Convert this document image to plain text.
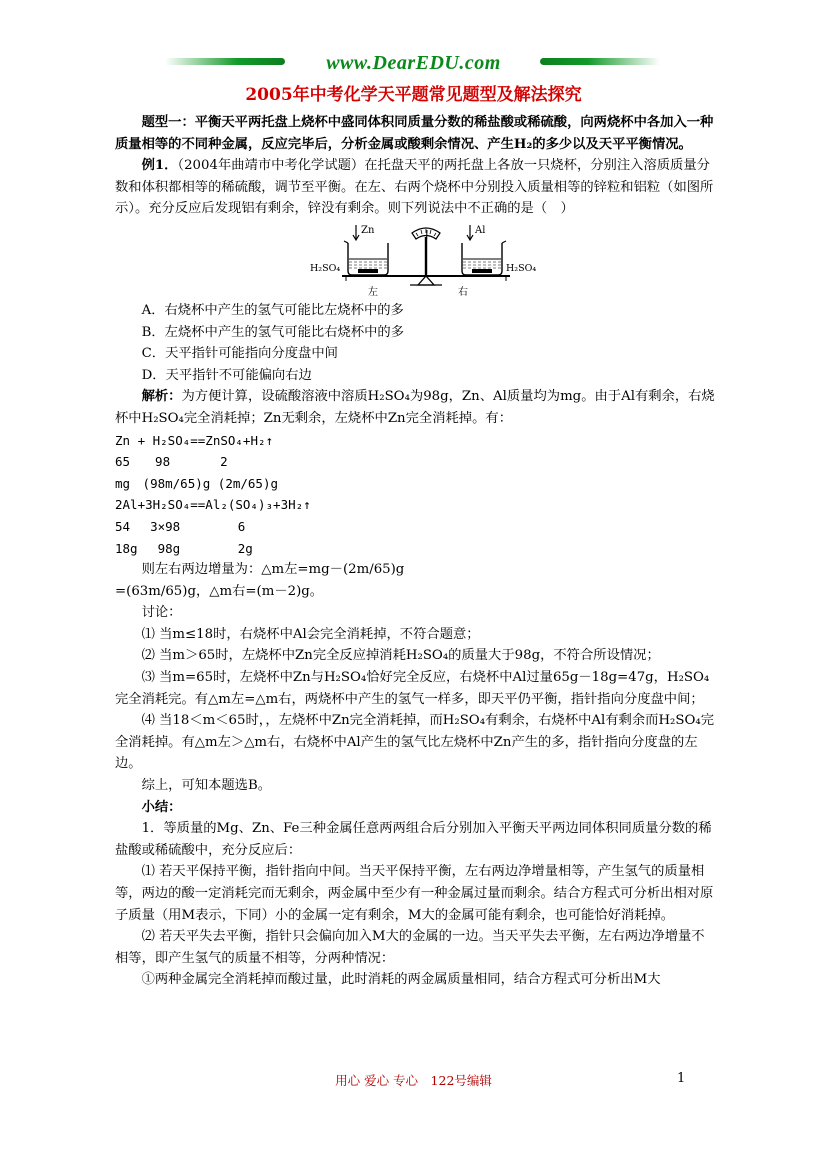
www.DearEDU.com
2005年中考化学天平题常见题型及解法探究

题型一：平衡天平两托盘上烧杯中盛同体积同质量分数的稀盐酸或稀硫酸，向两烧杯中各加入一种质量相等的不同种金属，反应完毕后，分析金属或酸剩余情况、产生H₂的多少以及天平平衡情况。

例1．（2004年曲靖市中考化学试题）在托盘天平的两托盘上各放一只烧杯，分别注入溶质质量分数和体积都相等的稀硫酸，调节至平衡。在左、右两个烧杯中分别投入质量相等的锌粒和铝粒（如图所示）。充分反应后发现铝有剩余，锌没有剩余。则下列说法中不正确的是（　）

Zn	Al
H₂SO₄	H₂SO₄
左	右

A．右烧杯中产生的氢气可能比左烧杯中的多

B．左烧杯中产生的氢气可能比右烧杯中的多

C．天平指针可能指向分度盘中间

D．天平指针不可能偏向右边

解析：为方便计算，设硫酸溶液中溶质H₂SO₄为98g，Zn、Al质量均为mg。由于Al有剩余，右烧杯中H₂SO₄完全消耗掉；Zn无剩余，左烧杯中Zn完全消耗掉。有：

Zn + H₂SO₄==ZnSO₄+H₂↑

65　　98　　　　2

mg　(98m/65)g (2m/65)g

2Al+3H₂SO₄==Al₂(SO₄)₃+3H₂↑

54　 3×98　　　　 6

18g　 98g　　　　 2g

则左右两边增量为：△m左=mg－(2m/65)g

=(63m/65)g，△m右=(m－2)g。

讨论：

⑴ 当m≤18时，右烧杯中Al会完全消耗掉，不符合题意；

⑵ 当m＞65时，左烧杯中Zn完全反应掉消耗H₂SO₄的质量大于98g，不符合所设情况；

⑶ 当m=65时，左烧杯中Zn与H₂SO₄恰好完全反应，右烧杯中Al过量65g－18g=47g，H₂SO₄完全消耗完。有△m左=△m右，两烧杯中产生的氢气一样多，即天平仍平衡，指针指向分度盘中间；

⑷ 当18＜m＜65时，，左烧杯中Zn完全消耗掉，而H₂SO₄有剩余，右烧杯中Al有剩余而H₂SO₄完全消耗掉。有△m左＞△m右，右烧杯中Al产生的氢气比左烧杯中Zn产生的多，指针指向分度盘的左边。

综上，可知本题选B。

小结：

1．等质量的Mg、Zn、Fe三种金属任意两两组合后分别加入平衡天平两边同体积同质量分数的稀盐酸或稀硫酸中，充分反应后：

⑴ 若天平保持平衡，指针指向中间。当天平保持平衡，左右两边净增量相等，产生氢气的质量相等，两边的酸一定消耗完而无剩余，两金属中至少有一种金属过量而剩余。结合方程式可分析出相对原子质量（用M表示，下同）小的金属一定有剩余，M大的金属可能有剩余，也可能恰好消耗掉。

⑵ 若天平失去平衡，指针只会偏向加入M大的金属的一边。当天平失去平衡，左右两边净增量不相等，即产生氢气的质量不相等，分两种情况：

①两种金属完全消耗掉而酸过量，此时消耗的两金属质量相同，结合方程式可分析出M大

用心 爱心 专心　122号编辑	1
